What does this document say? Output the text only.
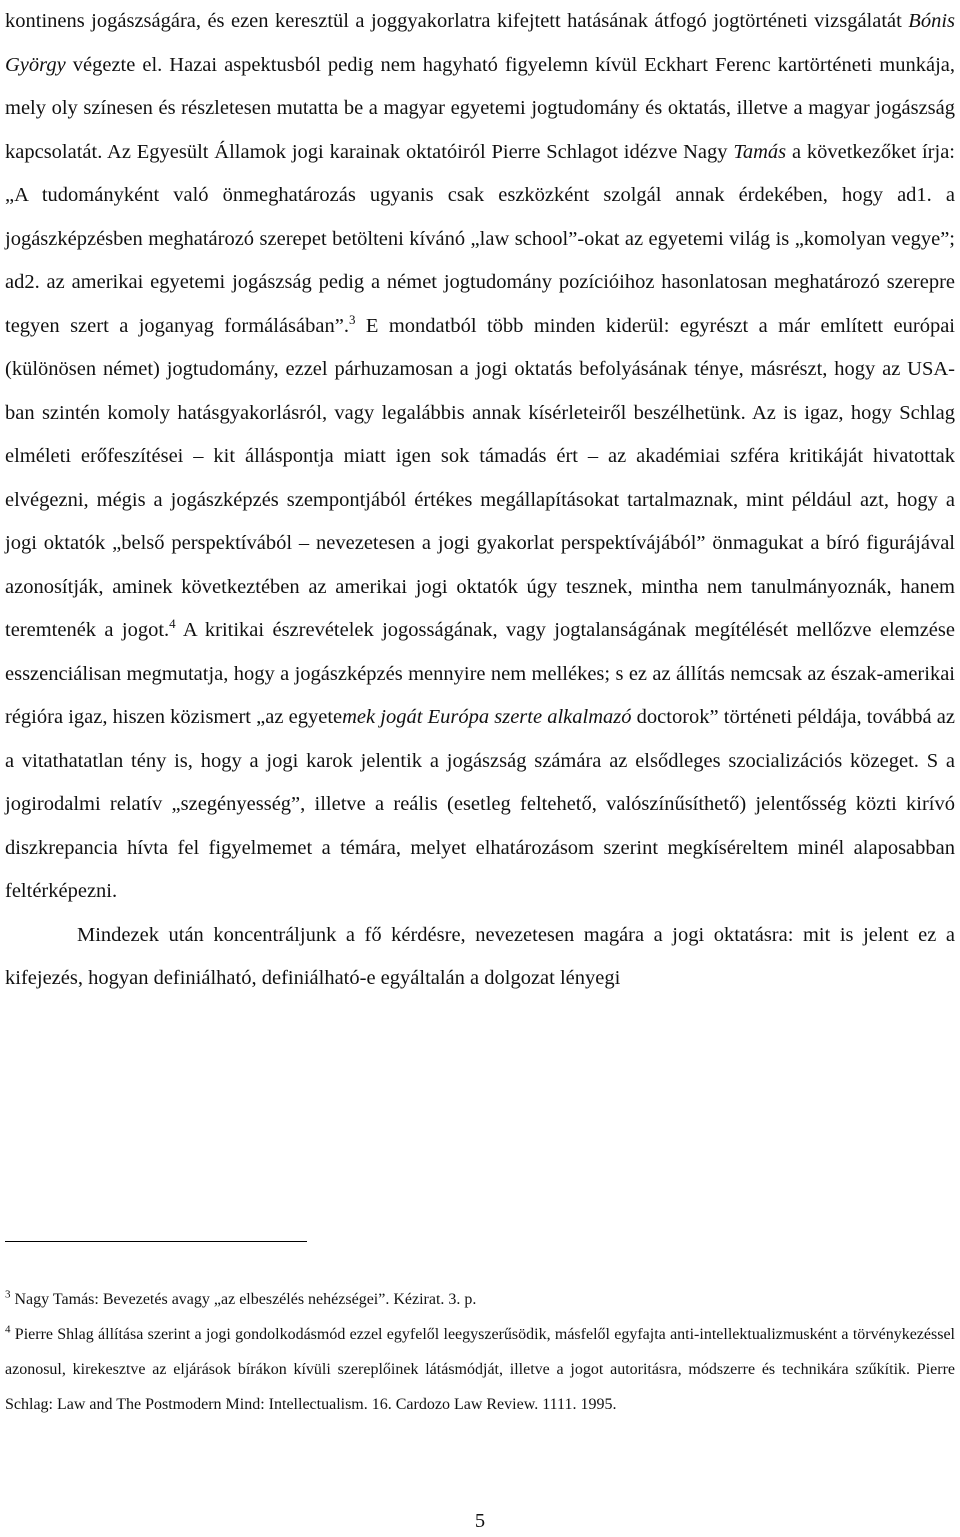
kontinens jogászságára, és ezen keresztül a joggyakorlatra kifejtett hatásának átfogó jogtörténeti vizsgálatát Bónis György végezte el. Hazai aspektusból pedig nem hagyható figyelemn kívül Eckhart Ferenc kartörténeti munkája, mely oly színesen és részletesen mutatta be a magyar egyetemi jogtudomány és oktatás, illetve a magyar jogászság kapcsolatát. Az Egyesült Államok jogi karainak oktatóiról Pierre Schlagot idézve Nagy Tamás a következőket írja: „A tudományként való önmeghatározás ugyanis csak eszközként szolgál annak érdekében, hogy ad1. a jogászképzésben meghatározó szerepet betölteni kívánó „law school”-okat az egyetemi világ is „komolyan vegye”; ad2. az amerikai egyetemi jogászság pedig a német jogtudomány pozícióihoz hasonlatosan meghatározó szerepre tegyen szert a joganyag formálásában”.$^3$ E mondatból több minden kiderül: egyrészt a már említett európai (különösen német) jogtudomány, ezzel párhuzamosan a jogi oktatás befolyásának ténye, másrészt, hogy az USA-ban szintén komoly hatásgyakorlásról, vagy legalábbis annak kísérleteiről beszélhetünk. Az is igaz, hogy Schlag elméleti erőfeszítései – kit álláspontja miatt igen sok támadás ért – az akadémiai szféra kritikáját hivatottak elvégezni, mégis a jogászképzés szempontjából értékes megállapításokat tartalmaznak, mint például azt, hogy a jogi oktatók „belső perspektívából – nevezetesen a jogi gyakorlat perspektívájából” önmagukat a bíró figurájával azonosítják, aminek következtében az amerikai jogi oktatók úgy tesznek, mintha nem tanulmányoznák, hanem teremtenék a jogot.$^4$ A kritikai észrevételek jogosságának, vagy jogtalanságának megítélését mellőzve elemzése esszenciálisan megmutatja, hogy a jogászképzés mennyire nem mellékes; s ez az állítás nemcsak az észak-amerikai régióra igaz, hiszen közismert „az egyetemek jogát Európa szerte alkalmazó doctorok” történeti példája, továbbá az a vitathatatlan tény is, hogy a jogi karok jelentik a jogászság számára az elsődleges szocializációs közeget. S a jogirodalmi relatív „szegényesség”, illetve a reális (esetleg feltehető, valószínűsíthető) jelentősség közti kirívó diszkrepancia hívta fel figyelmemet a témára, melyet elhatározásom szerint megkíséreltem minél alaposabban feltérképezni.

Mindezek után koncentráljunk a fő kérdésre, nevezetesen magára a jogi oktatásra: mit is jelent ez a kifejezés, hogyan definiálható, definiálható-e egyáltalán a dolgozat lényegi

$^3$ Nagy Tamás: Bevezetés avagy „az elbeszélés nehézségei”. Kézirat. 3. p.

$^4$ Pierre Shlag állítása szerint a jogi gondolkodásmód ezzel egyfelől leegyszerűsödik, másfelől egyfajta anti-intellektualizmusként a törvénykezéssel azonosul, kirekesztve az eljárások bírákon kívüli szereplőinek látásmódját, illetve a jogot autoritásra, módszerre és technikára szűkítik. Pierre Schlag: Law and The Postmodern Mind: Intellectualism. 16. Cardozo Law Review. 1111. 1995.

5
